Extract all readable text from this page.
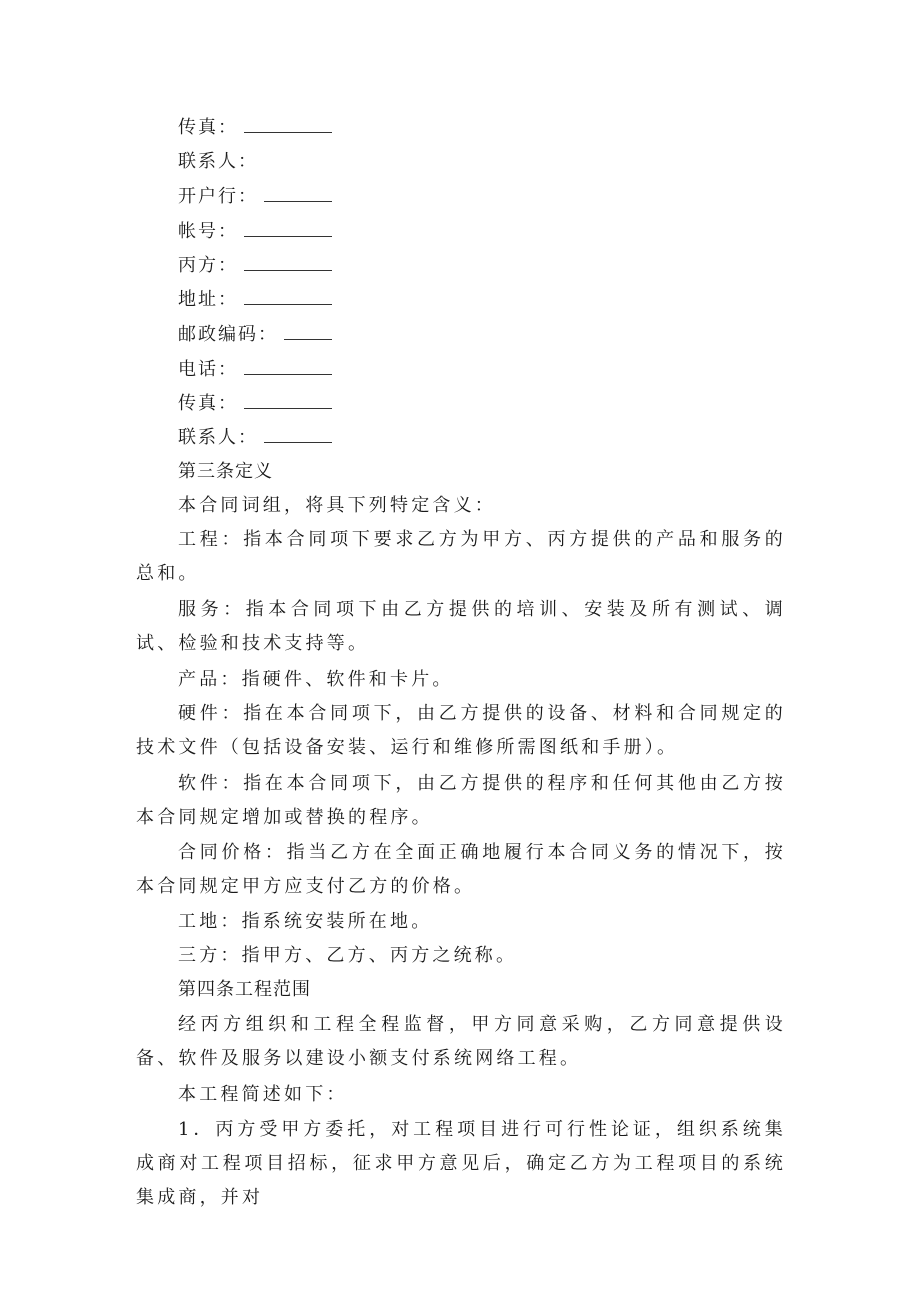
传真：
联系人：
开户行：
帐号：
丙方：
地址：
邮政编码：
电话：
传真：
联系人：
第三条定义

本合同词组，将具下列特定含义：

工程：指本合同项下要求乙方为甲方、丙方提供的产品和服务的总和。

服务：指本合同项下由乙方提供的培训、安装及所有测试、调试、检验和技术支持等。

产品：指硬件、软件和卡片。

硬件：指在本合同项下，由乙方提供的设备、材料和合同规定的技术文件（包括设备安装、运行和维修所需图纸和手册）。

软件：指在本合同项下，由乙方提供的程序和任何其他由乙方按本合同规定增加或替换的程序。

合同价格：指当乙方在全面正确地履行本合同义务的情况下，按本合同规定甲方应支付乙方的价格。

工地：指系统安装所在地。

三方：指甲方、乙方、丙方之统称。

第四条工程范围

经丙方组织和工程全程监督，甲方同意采购，乙方同意提供设备、软件及服务以建设小额支付系统网络工程。

本工程简述如下：

1．丙方受甲方委托，对工程项目进行可行性论证，组织系统集成商对工程项目招标，征求甲方意见后，确定乙方为工程项目的系统集成商，并对
